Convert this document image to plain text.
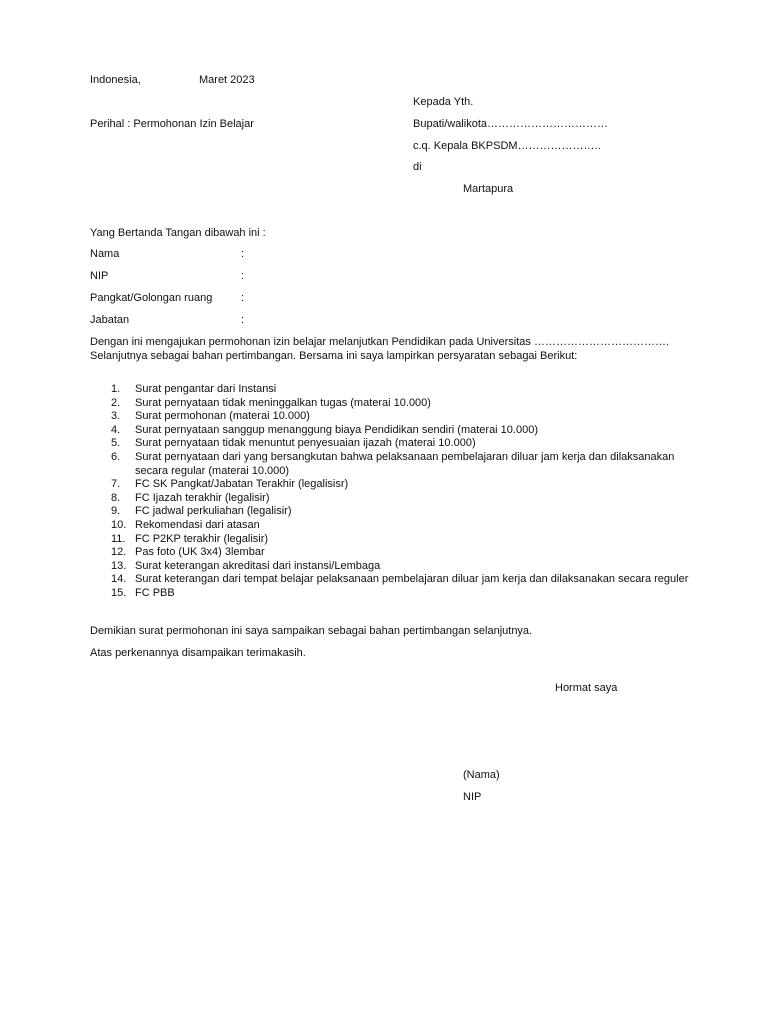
Indonesia,	Maret 2023
Kepada Yth.
Perihal : Permohonan Izin Belajar	Bupati/walikota……………………………
c.q. Kepala BKPSDM…………………..
di
Martapura
Yang Bertanda Tangan dibawah ini :
Nama	:
NIP	:
Pangkat/Golongan ruang	:
Jabatan	:
Dengan ini mengajukan permohonan izin belajar melanjutkan Pendidikan pada Universitas ………………………………. Selanjutnya sebagai bahan pertimbangan. Bersama ini saya lampirkan persyaratan sebagai Berikut:
1.	Surat pengantar dari Instansi
2.	Surat pernyataan tidak meninggalkan tugas (materai 10.000)
3.	Surat permohonan (materai 10.000)
4.	Surat pernyataan sanggup menanggung biaya Pendidikan sendiri (materai 10.000)
5.	Surat pernyataan tidak menuntut penyesuaian ijazah (materai 10.000)
6.	Surat pernyataan dari yang bersangkutan bahwa pelaksanaan pembelajaran diluar jam kerja dan dilaksanakan secara regular (materai 10.000)
7.	FC SK Pangkat/Jabatan Terakhir (legalisisr)
8.	FC Ijazah terakhir (legalisir)
9.	FC jadwal perkuliahan (legalisir)
10. Rekomendasi dari atasan
11. FC P2KP terakhir (legalisir)
12. Pas foto (UK 3x4) 3lembar
13. Surat keterangan akreditasi dari instansi/Lembaga
14. Surat keterangan dari tempat belajar pelaksanaan pembelajaran diluar jam kerja dan dilaksanakan secara reguler
15. FC PBB
Demikian surat permohonan ini saya sampaikan sebagai bahan pertimbangan selanjutnya.
Atas perkenannya disampaikan terimakasih.
Hormat saya
(Nama)
NIP
